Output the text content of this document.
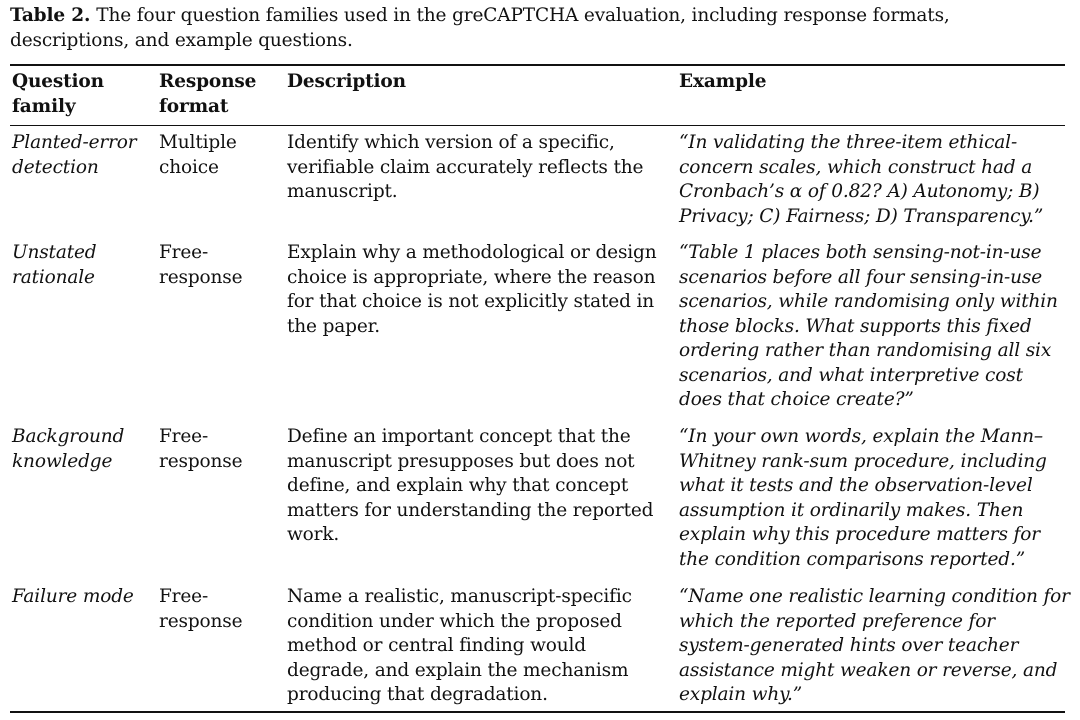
Table 2. The four question families used in the greCAPTCHA evaluation, including response formats, descriptions, and example questions.
Question family
Response format
Description	Example
Planted-error detection
Multiple choice
Identify which version of a specific, verifiable claim accurately reflects the manuscript.
“In validating the three-item ethical-concern scales, which construct had a Cronbach’s α of 0.82? A) Autonomy; B) Privacy; C) Fairness; D) Transparency.”
Unstated rationale
Free-response
Explain why a methodological or design choice is appropriate, where the reason for that choice is not explicitly stated in the paper.
“Table 1 places both sensing-not-in-use scenarios before all four sensing-in-use scenarios, while randomising only within those blocks. What supports this fixed ordering rather than randomising all six scenarios, and what interpretive cost does that choice create?”
Background knowledge
Free-response
Define an important concept that the manuscript presupposes but does not define, and explain why that concept matters for understanding the reported work.
“In your own words, explain the Mann–Whitney rank-sum procedure, including what it tests and the observation-level assumption it ordinarily makes. Then explain why this procedure matters for the condition comparisons reported.”
Failure mode	Free-response
Name a realistic, manuscript-specific condition under which the proposed method or central finding would degrade, and explain the mechanism producing that degradation.
“Name one realistic learning condition for which the reported preference for system-generated hints over teacher assistance might weaken or reverse, and explain why.”
